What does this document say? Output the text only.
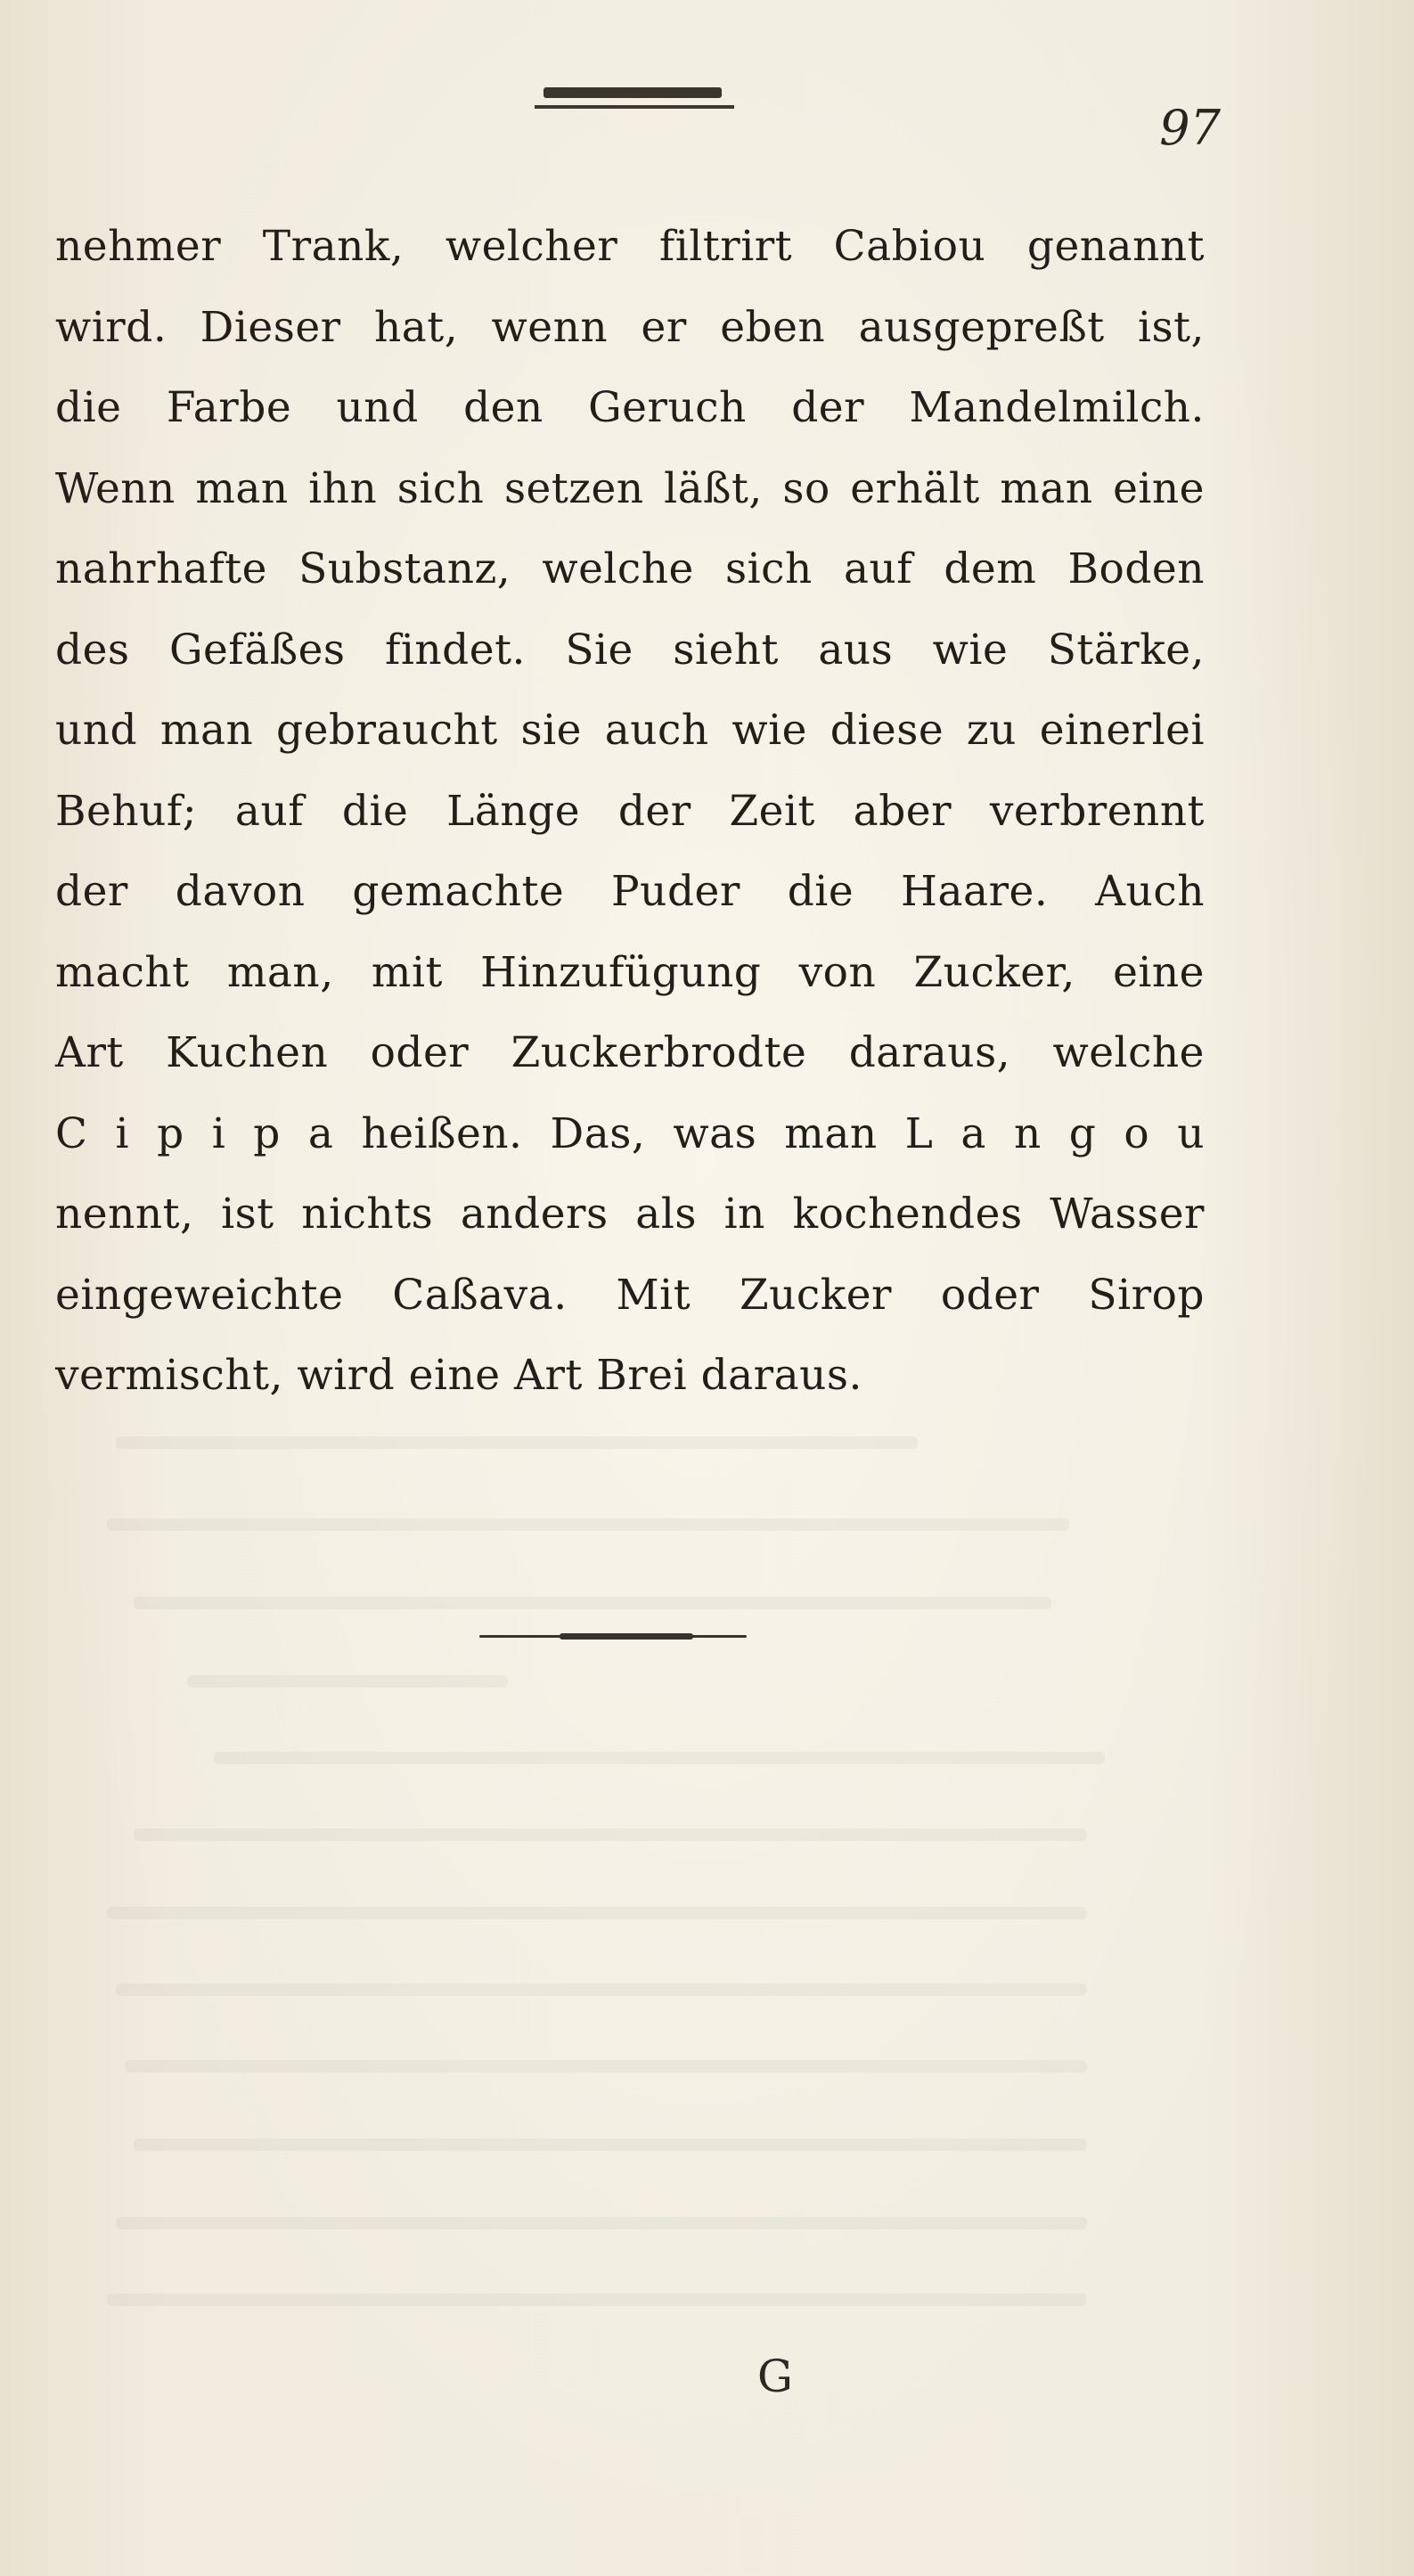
97
nehmer Trank, welcher filtrirt Cabiou genannt
wird. Dieser hat, wenn er eben ausgepreßt ist,
die Farbe und den Geruch der Mandelmilch.
Wenn man ihn sich setzen läßt, so erhält man eine
nahrhafte Substanz, welche sich auf dem Boden
des Gefäßes findet. Sie sieht aus wie Stärke,
und man gebraucht sie auch wie diese zu einerlei
Behuf; auf die Länge der Zeit aber verbrennt
der davon gemachte Puder die Haare. Auch
macht man, mit Hinzufügung von Zucker, eine
Art Kuchen oder Zuckerbrodte daraus, welche
C i p i p a heißen. Das, was man L a n g o u
nennt, ist nichts anders als in kochendes Wasser
eingeweichte Caßava. Mit Zucker oder Sirop
vermischt, wird eine Art Brei daraus.
G
